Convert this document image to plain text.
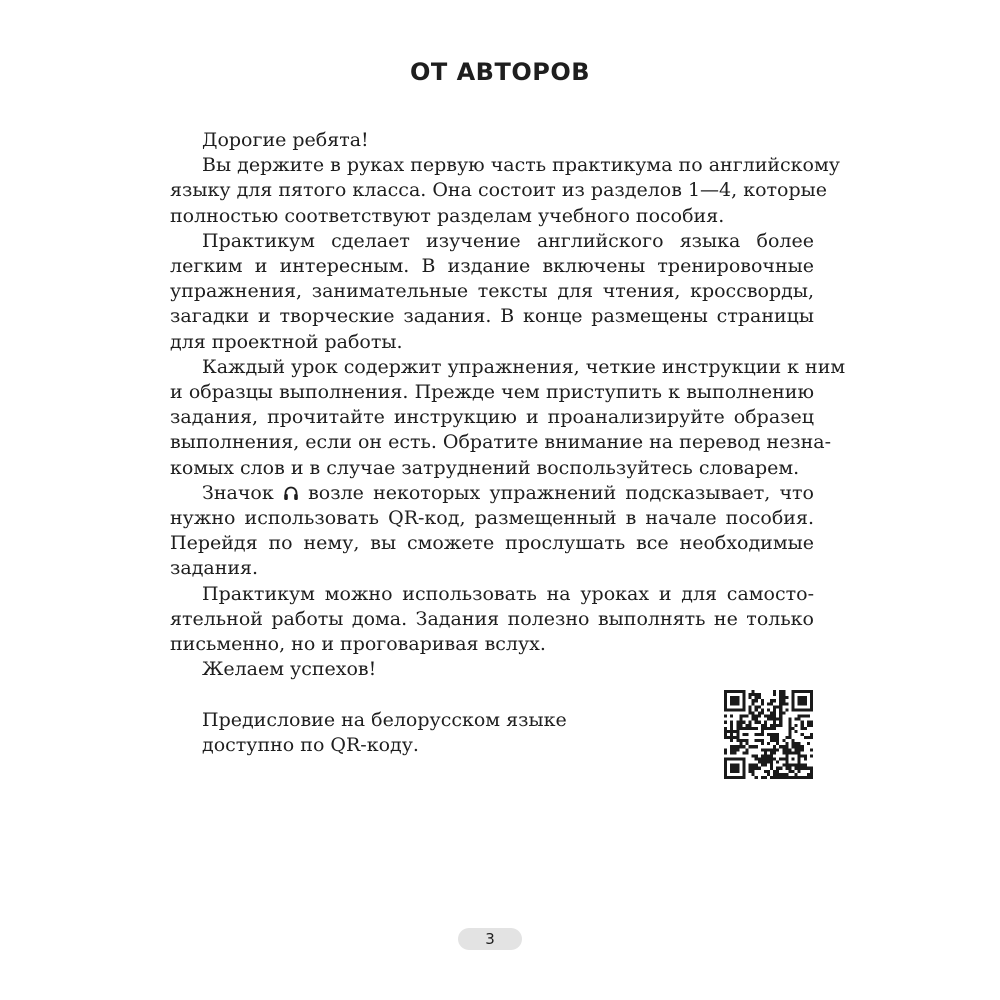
ОТ АВТОРОВ
Дорогие ребята!
Вы держите в руках первую часть практикума по английскому
языку для пятого класса. Она состоит из разделов 1—4, которые
полностью соответствуют разделам учебного пособия.
Практикум сделает изучение английского языка более
легким и интересным. В издание включены тренировочные
упражнения, занимательные тексты для чтения, кроссворды,
загадки и творческие задания. В конце размещены страницы
для проектной работы.
Каждый урок содержит упражнения, четкие инструкции к ним
и образцы выполнения. Прежде чем приступить к выполнению
задания, прочитайте инструкцию и проанализируйте образец
выполнения, если он есть. Обратите внимание на перевод незна-
комых слов и в случае затруднений воспользуйтесь словарем.
Значок возле некоторых упражнений подсказывает, что
нужно использовать QR-код, размещенный в начале пособия.
Перейдя по нему, вы сможете прослушать все необходимые
задания.
Практикум можно использовать на уроках и для самосто-
ятельной работы дома. Задания полезно выполнять не только
письменно, но и проговаривая вслух.
Желаем успехов!
Предисловие на белорусском языке
доступно по QR-коду.
3
